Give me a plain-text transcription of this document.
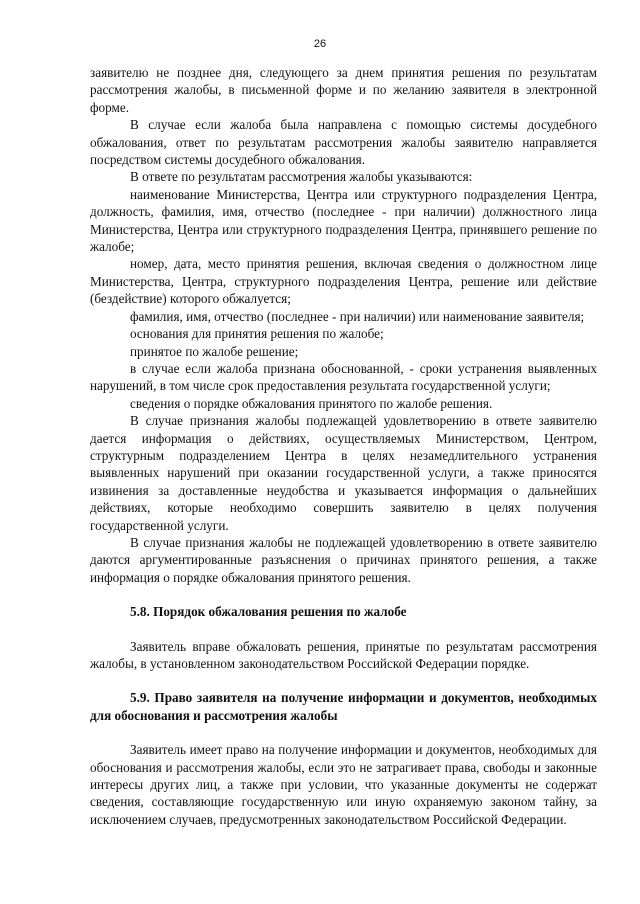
26

заявителю не позднее дня, следующего за днем принятия решения по результатам рассмотрения жалобы, в письменной форме и по желанию заявителя в электронной форме.

В случае если жалоба была направлена с помощью системы досудебного обжалования, ответ по результатам рассмотрения жалобы заявителю направляется посредством системы досудебного обжалования.

В ответе по результатам рассмотрения жалобы указываются:

наименование Министерства, Центра или структурного подразделения Центра, должность, фамилия, имя, отчество (последнее - при наличии) должностного лица Министерства, Центра или структурного подразделения Центра, принявшего решение по жалобе;

номер, дата, место принятия решения, включая сведения о должностном лице Министерства, Центра, структурного подразделения Центра, решение или действие (бездействие) которого обжалуется;

фамилия, имя, отчество (последнее - при наличии) или наименование заявителя;

основания для принятия решения по жалобе;

принятое по жалобе решение;

в случае если жалоба признана обоснованной, - сроки устранения выявленных нарушений, в том числе срок предоставления результата государственной услуги;

сведения о порядке обжалования принятого по жалобе решения.

В случае признания жалобы подлежащей удовлетворению в ответе заявителю дается информация о действиях, осуществляемых Министерством, Центром, структурным подразделением Центра в целях незамедлительного устранения выявленных нарушений при оказании государственной услуги, а также приносятся извинения за доставленные неудобства и указывается информация о дальнейших действиях, которые необходимо совершить заявителю в целях получения государственной услуги.

В случае признания жалобы не подлежащей удовлетворению в ответе заявителю даются аргументированные разъяснения о причинах принятого решения, а также информация о порядке обжалования принятого решения.

5.8. Порядок обжалования решения по жалобе

Заявитель вправе обжаловать решения, принятые по результатам рассмотрения жалобы, в установленном законодательством Российской Федерации порядке.

5.9. Право заявителя на получение информации и документов, необходимых для обоснования и рассмотрения жалобы

Заявитель имеет право на получение информации и документов, необходимых для обоснования и рассмотрения жалобы, если это не затрагивает права, свободы и законные интересы других лиц, а также при условии, что указанные документы не содержат сведения, составляющие государственную или иную охраняемую законом тайну, за исключением случаев, предусмотренных законодательством Российской Федерации.
